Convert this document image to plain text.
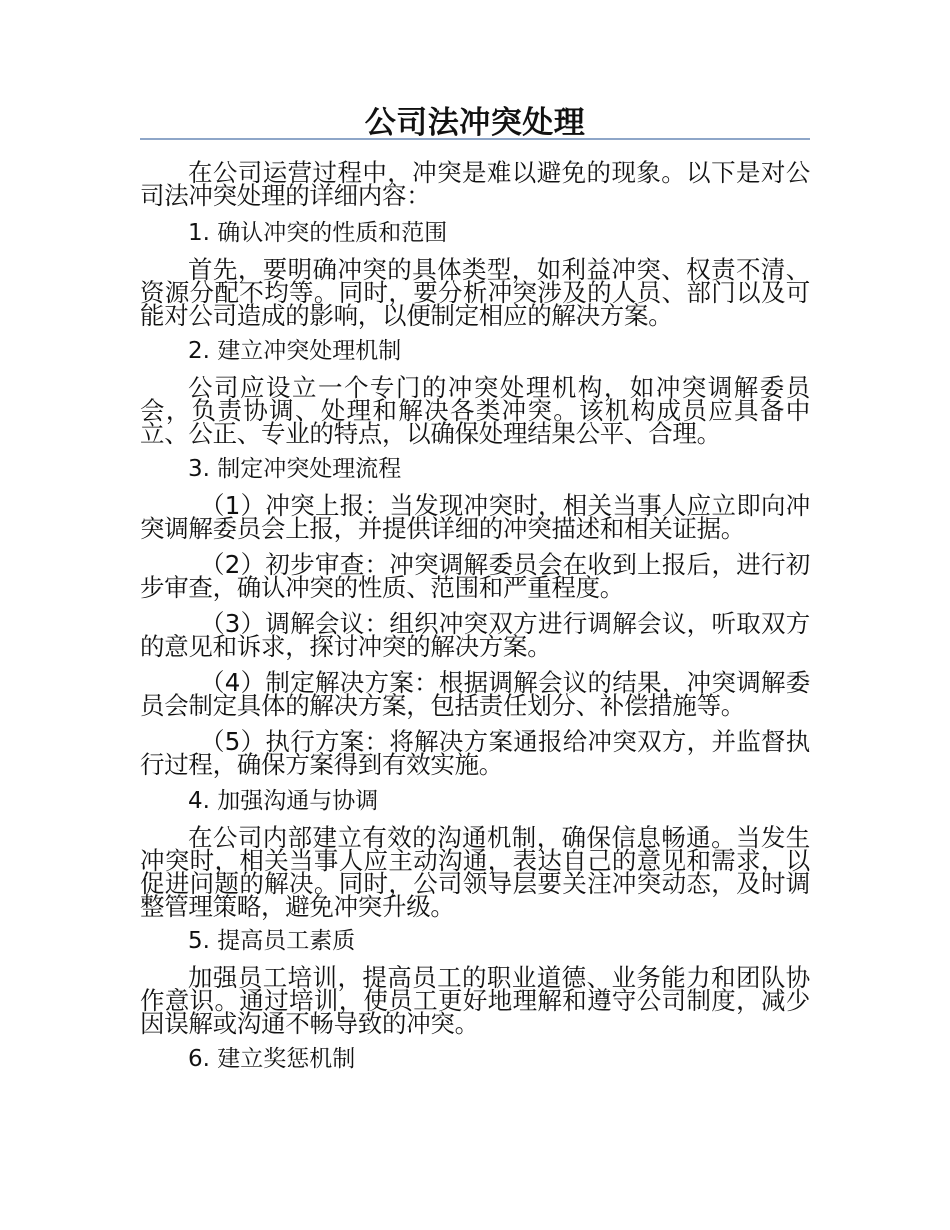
公司法冲突处理

在公司运营过程中，冲突是难以避免的现象。以下是对公司法冲突处理的详细内容：

1. 确认冲突的性质和范围

首先，要明确冲突的具体类型，如利益冲突、权责不清、资源分配不均等。同时，要分析冲突涉及的人员、部门以及可能对公司造成的影响，以便制定相应的解决方案。

2. 建立冲突处理机制

公司应设立一个专门的冲突处理机构，如冲突调解委员会，负责协调、处理和解决各类冲突。该机构成员应具备中立、公正、专业的特点，以确保处理结果公平、合理。

3. 制定冲突处理流程

（1）冲突上报：当发现冲突时，相关当事人应立即向冲突调解委员会上报，并提供详细的冲突描述和相关证据。

（2）初步审查：冲突调解委员会在收到上报后，进行初步审查，确认冲突的性质、范围和严重程度。

（3）调解会议：组织冲突双方进行调解会议，听取双方的意见和诉求，探讨冲突的解决方案。

（4）制定解决方案：根据调解会议的结果，冲突调解委员会制定具体的解决方案，包括责任划分、补偿措施等。

（5）执行方案：将解决方案通报给冲突双方，并监督执行过程，确保方案得到有效实施。

4. 加强沟通与协调

在公司内部建立有效的沟通机制，确保信息畅通。当发生冲突时，相关当事人应主动沟通，表达自己的意见和需求，以促进问题的解决。同时，公司领导层要关注冲突动态，及时调整管理策略，避免冲突升级。

5. 提高员工素质

加强员工培训，提高员工的职业道德、业务能力和团队协作意识。通过培训，使员工更好地理解和遵守公司制度，减少因误解或沟通不畅导致的冲突。

6. 建立奖惩机制
